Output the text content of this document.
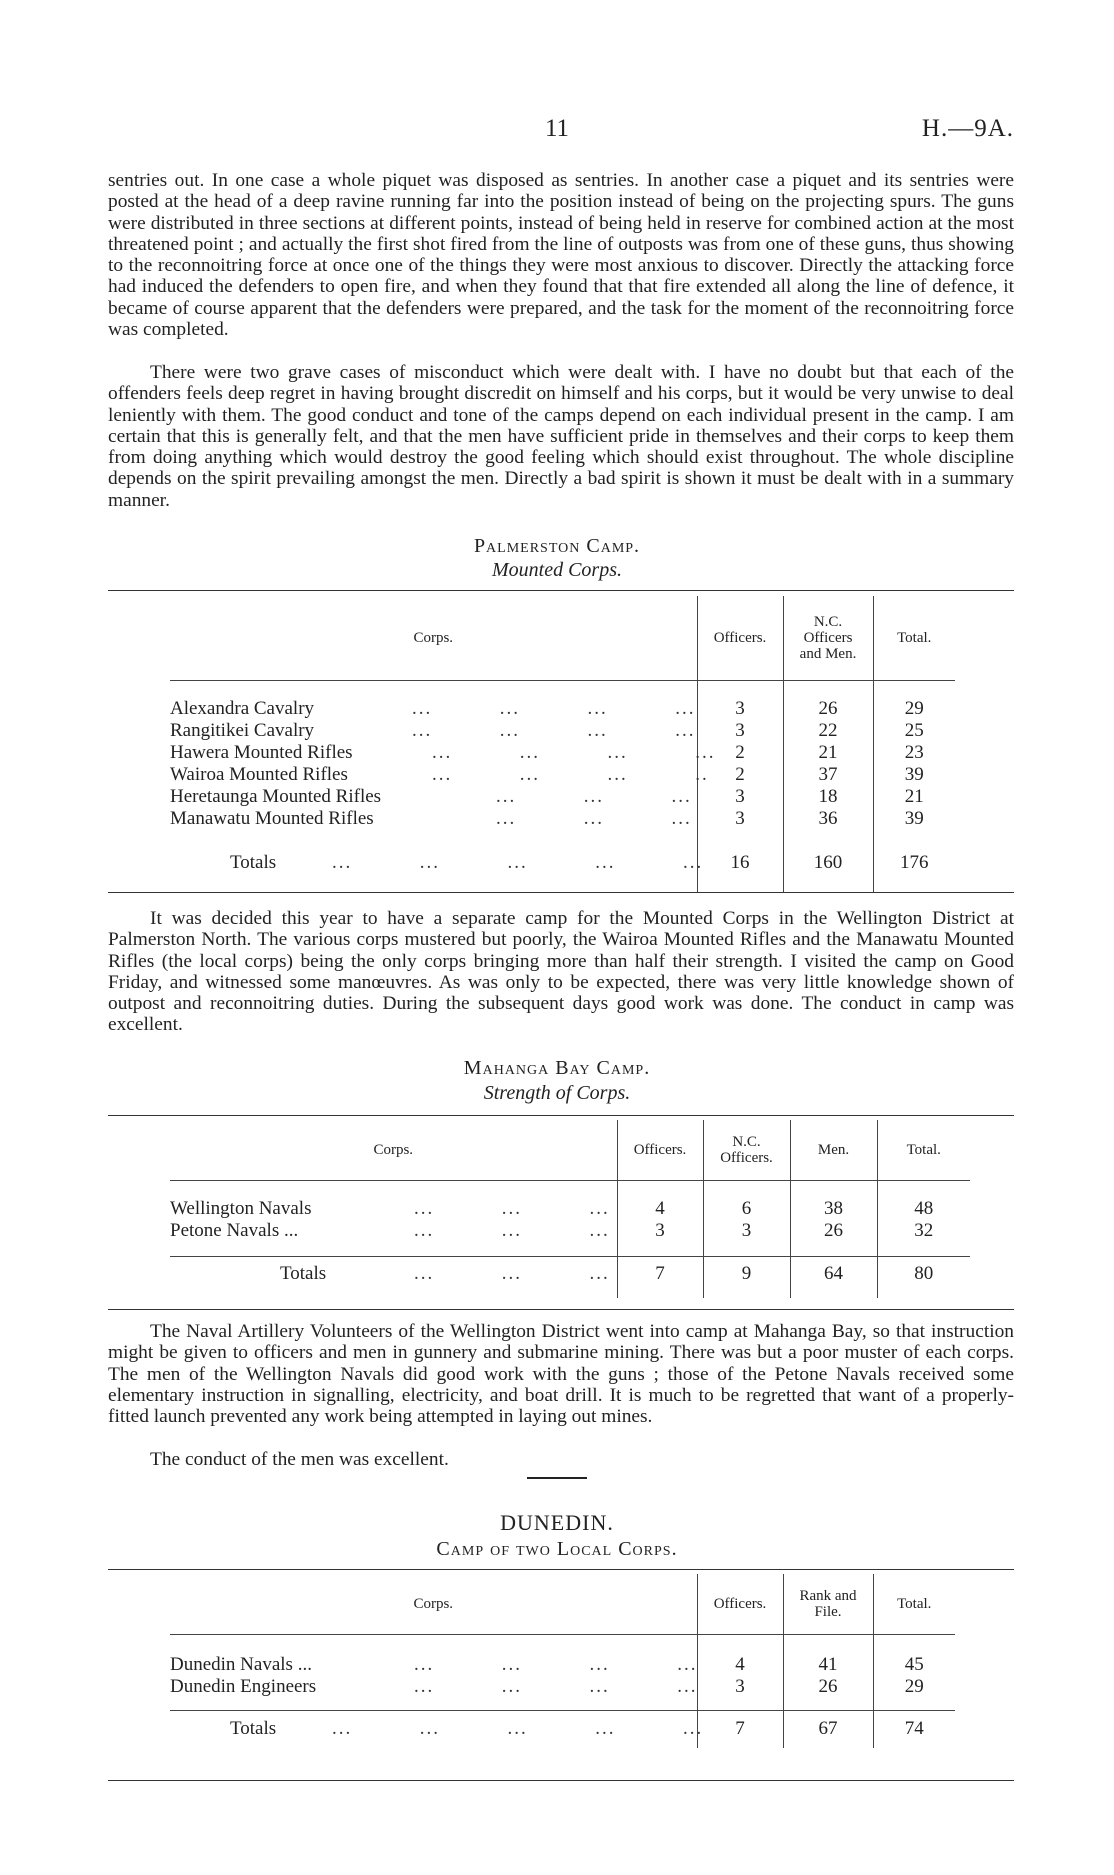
11	H.—9A.

sentries out. In one case a whole piquet was disposed as sentries. In another case a piquet and its sentries were posted at the head of a deep ravine running far into the position instead of being on the projecting spurs. The guns were distributed in three sections at different points, instead of being held in reserve for combined action at the most threatened point ; and actually the first shot fired from the line of outposts was from one of these guns, thus showing to the reconnoitring force at once one of the things they were most anxious to discover. Directly the attacking force had induced the defenders to open fire, and when they found that that fire extended all along the line of defence, it became of course apparent that the defenders were prepared, and the task for the moment of the reconnoitring force was completed.

There were two grave cases of misconduct which were dealt with. I have no doubt but that each of the offenders feels deep regret in having brought discredit on himself and his corps, but it would be very unwise to deal leniently with them. The good conduct and tone of the camps depend on each individual present in the camp. I am certain that this is generally felt, and that the men have sufficient pride in themselves and their corps to keep them from doing anything which would destroy the good feeling which should exist throughout. The whole discipline depends on the spirit prevailing amongst the men. Directly a bad spirit is shown it must be dealt with in a summary manner.

Palmerston Camp.

Mounted Corps.

Corps.	Officers.	N.C. Officers and Men.	Total.

Alexandra Cavalry ...          ...          ...          ...	3	26	29
Rangitikei Cavalry ...          ...          ...          ...	3	22	25
Hawera Mounted Rifles ...          ...          ...          ...	2	21	23
Wairoa Mounted Rifles ...          ...          ...          ..	2	37	39
Heretaunga Mounted Rifles ...          ...          ...	3	18	21
Manawatu Mounted Rifles ...          ...          ...	3	36	39

Totals ...          ...          ...          ...          ...	16	160	176

It was decided this year to have a separate camp for the Mounted Corps in the Wellington District at Palmerston North. The various corps mustered but poorly, the Wairoa Mounted Rifles and the Manawatu Mounted Rifles (the local corps) being the only corps bringing more than half their strength. I visited the camp on Good Friday, and witnessed some manœuvres. As was only to be expected, there was very little knowledge shown of outpost and reconnoitring duties. During the subsequent days good work was done. The conduct in camp was excellent.

Mahanga Bay Camp.

Strength of Corps.

Corps.	Officers.	N.C. Officers.	Men.	Total.

Wellington Navals ...          ...          ...	4	6	38	48
Petone Navals ... ...          ...          ...	3	3	26	32

Totals ...          ...          ...	7	9	64	80

The Naval Artillery Volunteers of the Wellington District went into camp at Mahanga Bay, so that instruction might be given to officers and men in gunnery and submarine mining. There was but a poor muster of each corps. The men of the Wellington Navals did good work with the guns ; those of the Petone Navals received some elementary instruction in signalling, electricity, and boat drill. It is much to be regretted that want of a properly-fitted launch prevented any work being attempted in laying out mines.

The conduct of the men was excellent.

DUNEDIN.

Camp of two Local Corps.

Corps.	Officers.	Rank and File.	Total.

Dunedin Navals ... ...          ...          ...          ...	4	41	45
Dunedin Engineers ...          ...          ...          ...	3	26	29

Totals ...          ...          ...          ...          ...	7	67	74
